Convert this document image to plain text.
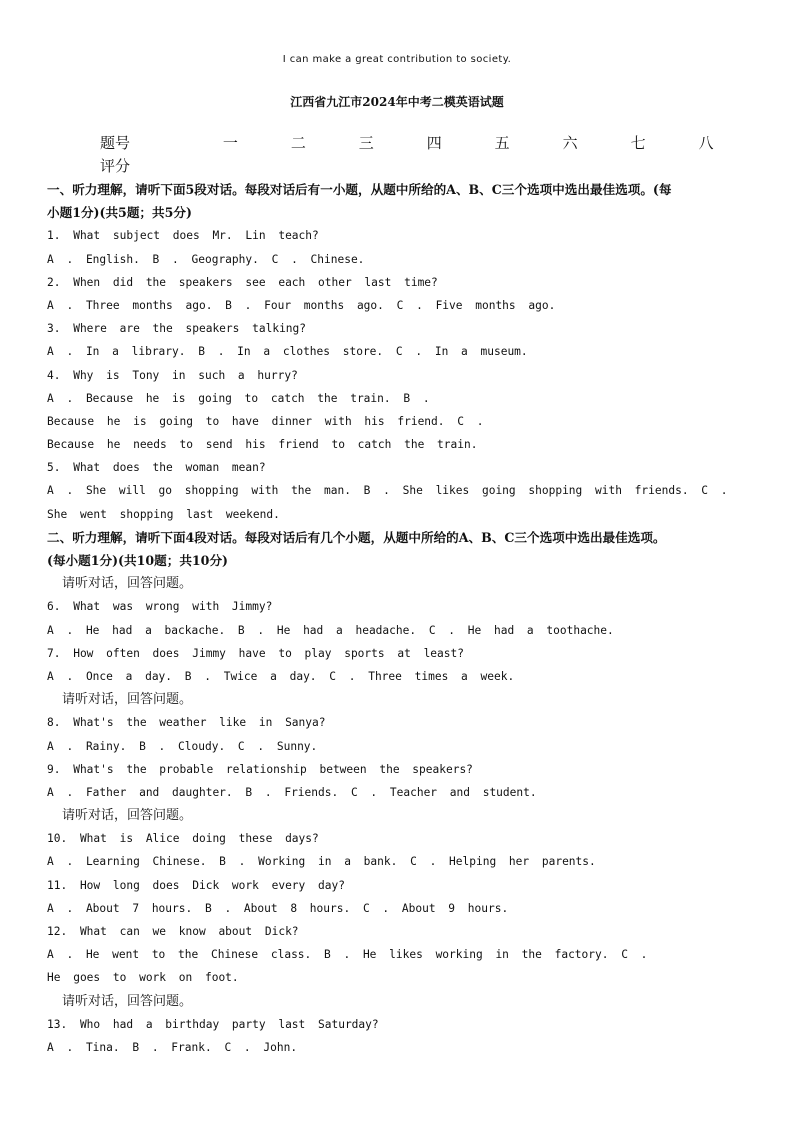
I can make a great contribution to society.
江西省九江市2024年中考二模英语试题
题号	一	二	三	四	五	六	七	八
评分
一、听力理解，请听下面5段对话。每段对话后有一小题，从题中所给的A、B、C三个选项中选出最佳选项。(每
小题1分)(共5题；共5分)
1. What subject does Mr. Lin teach?
A . English. B . Geography. C . Chinese.
2. When did the speakers see each other last time?
A . Three months ago. B . Four months ago. C . Five months ago.
3. Where are the speakers talking?
A . In a library. B . In a clothes store. C . In a museum.
4. Why is Tony in such a hurry?
A . Because he is going to catch the train. B .
Because he is going to have dinner with his friend. C .
Because he needs to send his friend to catch the train.
5. What does the woman mean?
A . She will go shopping with the man. B . She likes going shopping with friends. C .
She went shopping last weekend.
二、听力理解，请听下面4段对话。每段对话后有几个小题，从题中所给的A、B、C三个选项中选出最佳选项。
(每小题1分)(共10题；共10分)
请听对话，回答问题。
6. What was wrong with Jimmy?
A . He had a backache. B . He had a headache. C . He had a toothache.
7. How often does Jimmy have to play sports at least?
A . Once a day. B . Twice a day. C . Three times a week.
请听对话，回答问题。
8. What's the weather like in Sanya?
A . Rainy. B . Cloudy. C . Sunny.
9. What's the probable relationship between the speakers?
A . Father and daughter. B . Friends. C . Teacher and student.
请听对话，回答问题。
10. What is Alice doing these days?
A . Learning Chinese. B . Working in a bank. C . Helping her parents.
11. How long does Dick work every day?
A . About 7 hours. B . About 8 hours. C . About 9 hours.
12. What can we know about Dick?
A . He went to the Chinese class. B . He likes working in the factory. C .
He goes to work on foot.
请听对话，回答问题。
13. Who had a birthday party last Saturday?
A . Tina. B . Frank. C . John.
